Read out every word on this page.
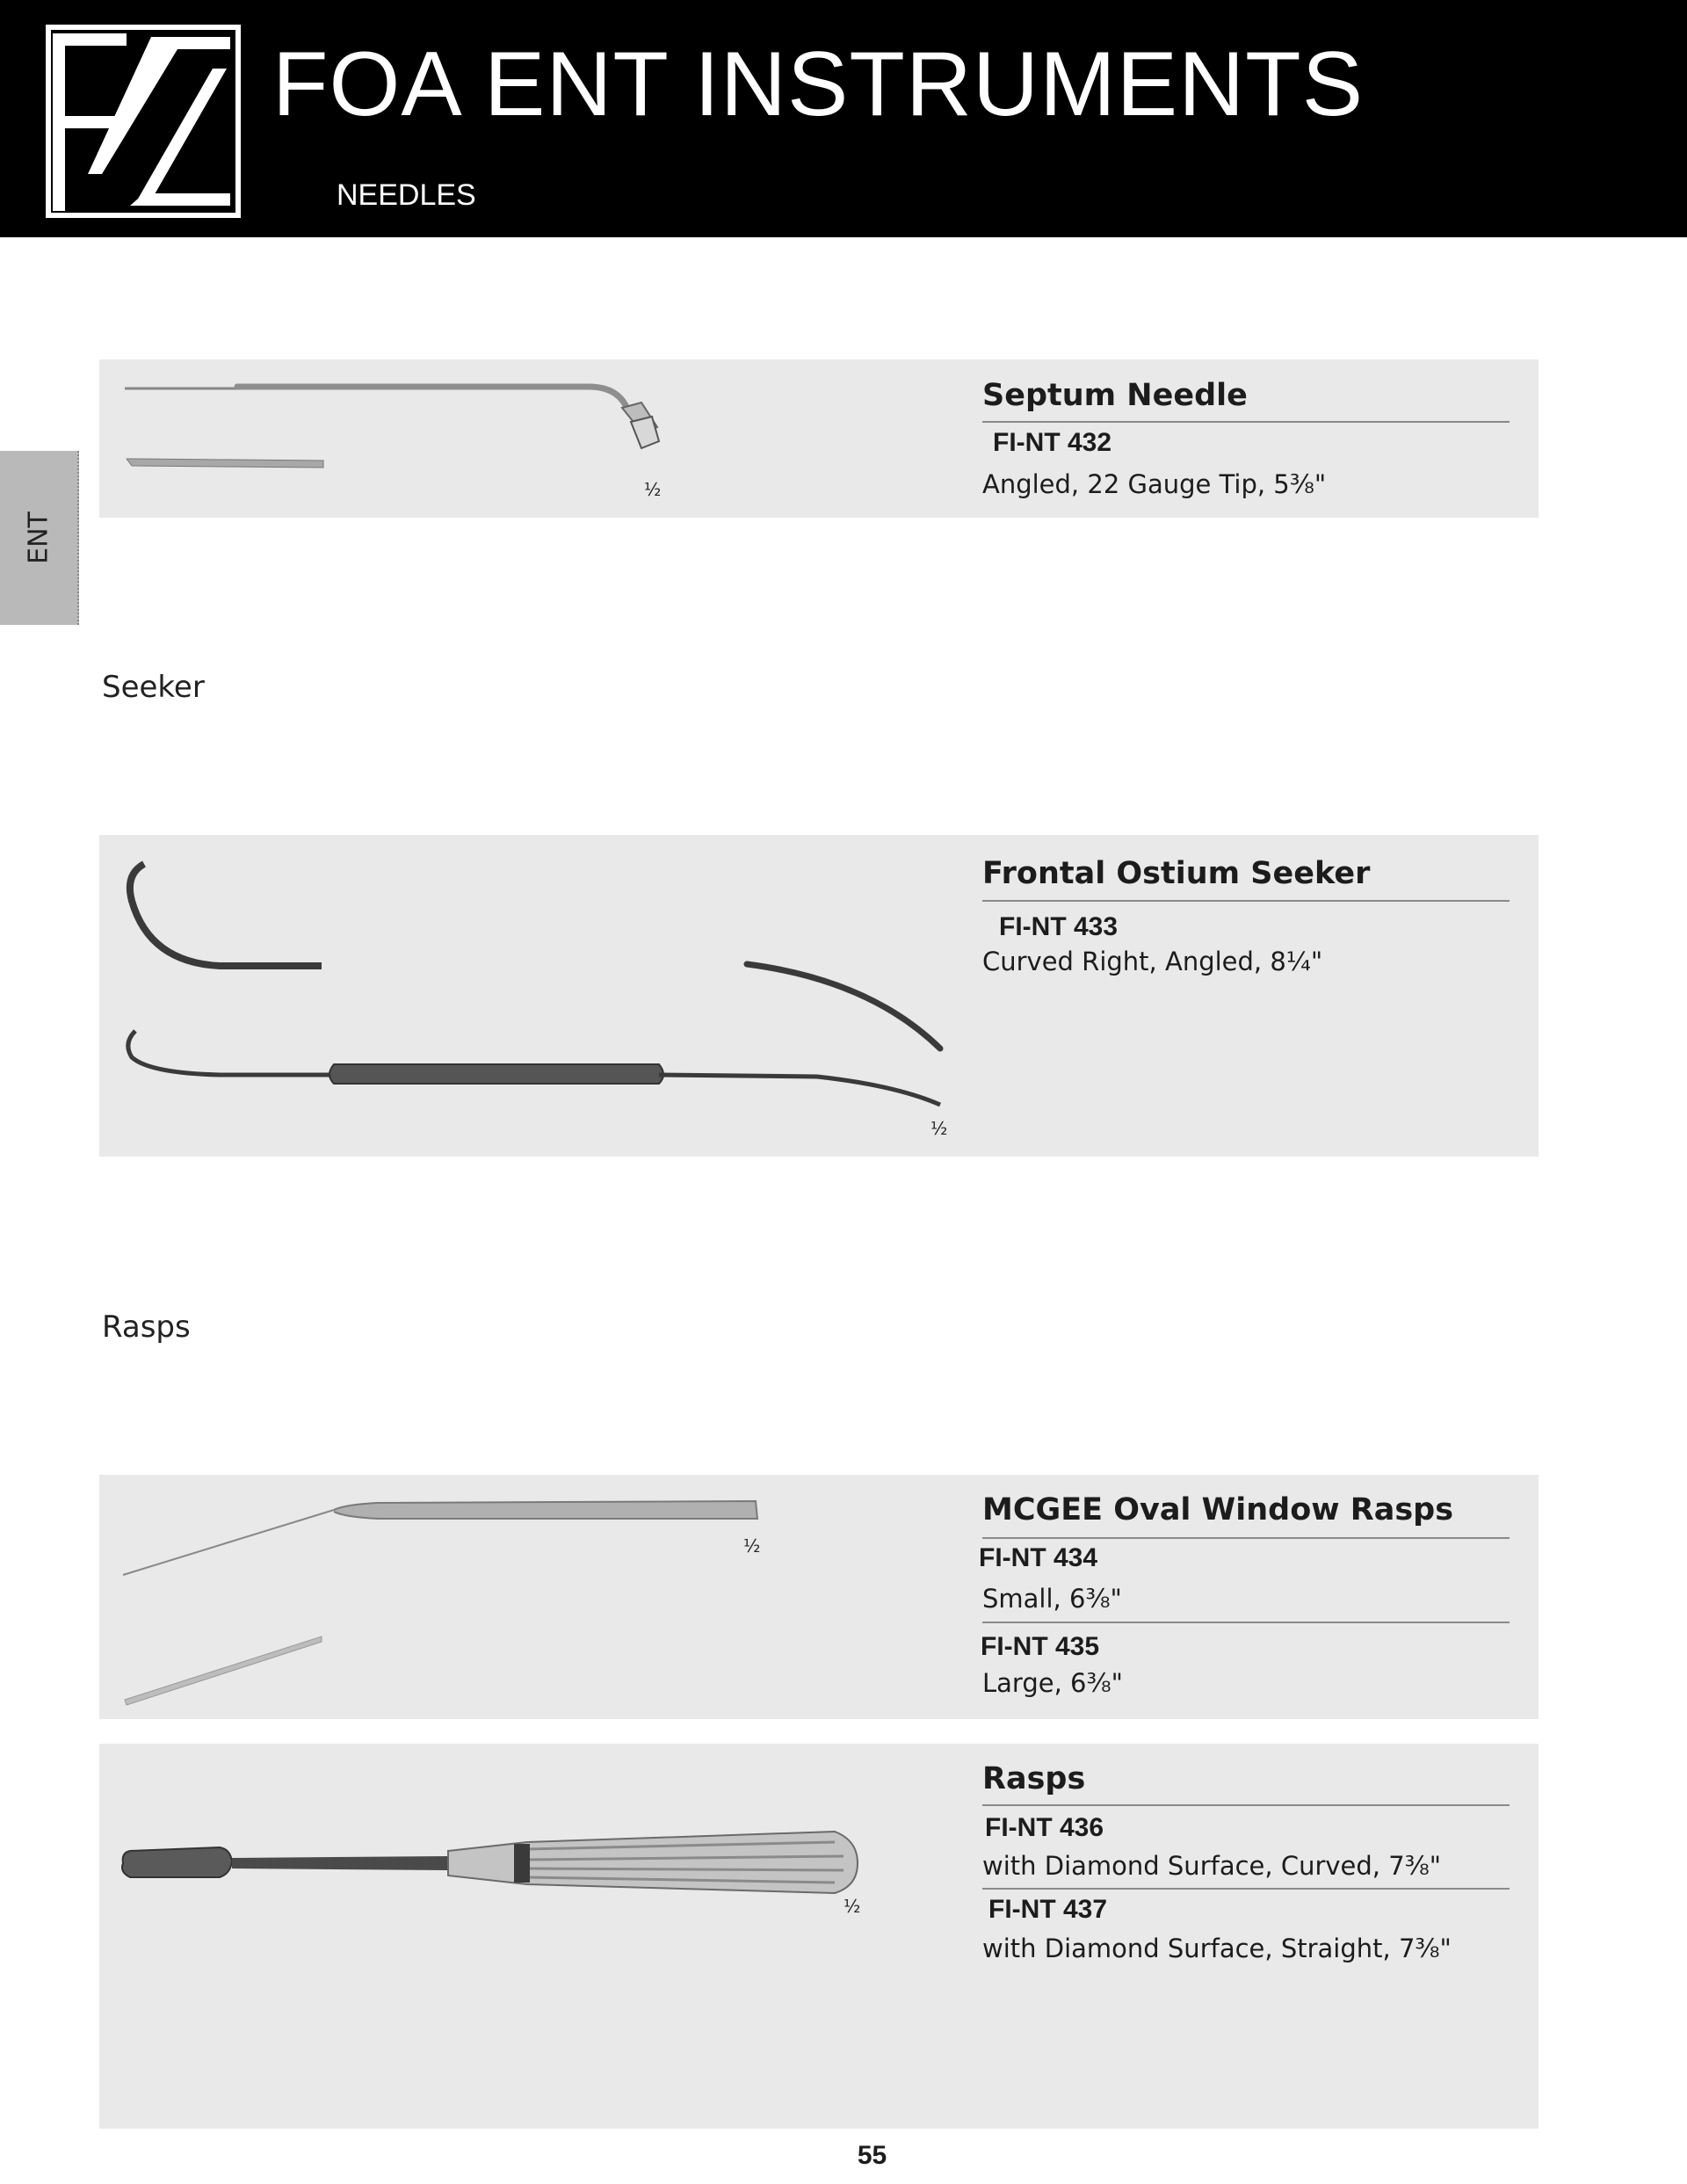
FOA ENT INSTRUMENTS
NEEDLES
ENT
½
Septum Needle
FI-NT 432
Angled, 22 Gauge Tip, 5⅜"
Seeker
½
Frontal Ostium Seeker
FI-NT 433
Curved Right, Angled, 8¼"
Rasps
½
MCGEE Oval Window Rasps
FI-NT 434
Small, 6⅜"
FI-NT 435
Large, 6⅜"
½
Rasps
FI-NT 436
with Diamond Surface, Curved, 7⅜"
FI-NT 437
with Diamond Surface, Straight, 7⅜"
55
